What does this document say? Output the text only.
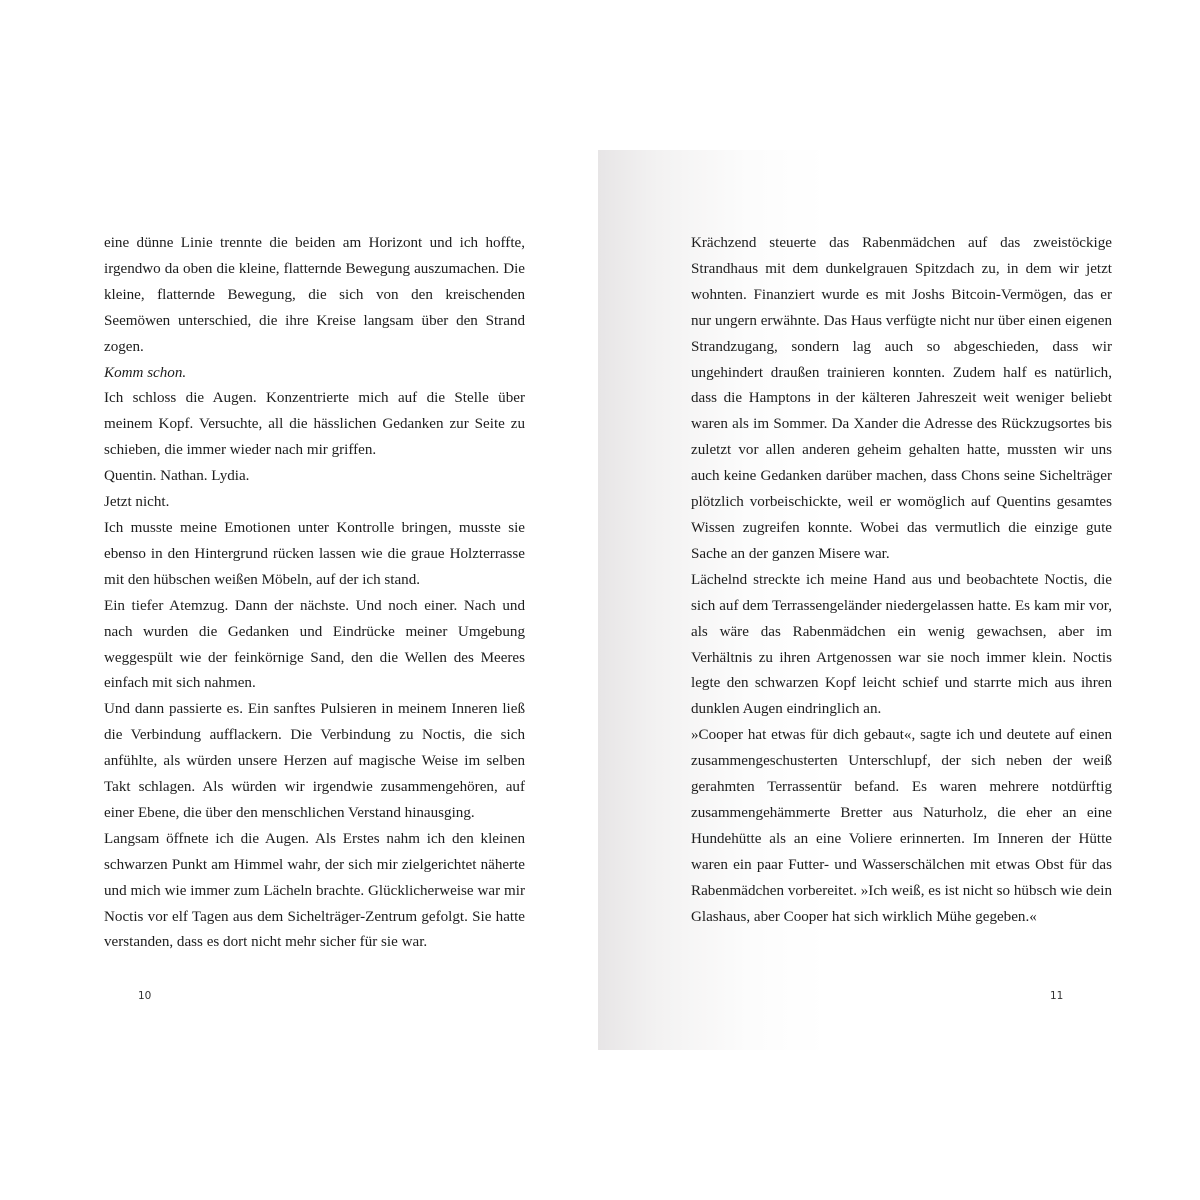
eine dünne Linie trennte die beiden am Horizont und ich hoffte, irgendwo da oben die kleine, flatternde Bewegung auszumachen. Die kleine, flatternde Bewegung, die sich von den kreischenden Seemöwen unterschied, die ihre Kreise langsam über den Strand zogen.

Komm schon.

Ich schloss die Augen. Konzentrierte mich auf die Stelle über meinem Kopf. Versuchte, all die hässlichen Gedanken zur Seite zu schieben, die immer wieder nach mir griffen.

Quentin. Nathan. Lydia.

Jetzt nicht.

Ich musste meine Emotionen unter Kontrolle bringen, musste sie ebenso in den Hintergrund rücken lassen wie die graue Holzterrasse mit den hübschen weißen Möbeln, auf der ich stand.

Ein tiefer Atemzug. Dann der nächste. Und noch einer. Nach und nach wurden die Gedanken und Eindrücke meiner Umgebung weggespült wie der feinkörnige Sand, den die Wellen des Meeres einfach mit sich nahmen.

Und dann passierte es. Ein sanftes Pulsieren in meinem Inneren ließ die Verbindung aufflackern. Die Verbindung zu Noctis, die sich anfühlte, als würden unsere Herzen auf magische Weise im selben Takt schlagen. Als würden wir irgendwie zusammengehören, auf einer Ebene, die über den menschlichen Verstand hinausging.

Langsam öffnete ich die Augen. Als Erstes nahm ich den kleinen schwarzen Punkt am Himmel wahr, der sich mir zielgerichtet näherte und mich wie immer zum Lächeln brachte. Glücklicherweise war mir Noctis vor elf Tagen aus dem Sichelträger-Zentrum gefolgt. Sie hatte verstanden, dass es dort nicht mehr sicher für sie war.

10

Krächzend steuerte das Rabenmädchen auf das zweistöckige Strandhaus mit dem dunkelgrauen Spitzdach zu, in dem wir jetzt wohnten. Finanziert wurde es mit Joshs Bitcoin-Vermögen, das er nur ungern erwähnte. Das Haus verfügte nicht nur über einen eigenen Strandzugang, sondern lag auch so abgeschieden, dass wir ungehindert draußen trainieren konnten. Zudem half es natürlich, dass die Hamptons in der kälteren Jahreszeit weit weniger beliebt waren als im Sommer. Da Xander die Adresse des Rückzugsortes bis zuletzt vor allen anderen geheim gehalten hatte, mussten wir uns auch keine Gedanken darüber machen, dass Chons seine Sichelträger plötzlich vorbeischickte, weil er womöglich auf Quentins gesamtes Wissen zugreifen konnte. Wobei das vermutlich die einzige gute Sache an der ganzen Misere war.

Lächelnd streckte ich meine Hand aus und beobachtete Noctis, die sich auf dem Terrassengeländer niedergelassen hatte. Es kam mir vor, als wäre das Rabenmädchen ein wenig gewachsen, aber im Verhältnis zu ihren Artgenossen war sie noch immer klein. Noctis legte den schwarzen Kopf leicht schief und starrte mich aus ihren dunklen Augen eindringlich an.

»Cooper hat etwas für dich gebaut«, sagte ich und deutete auf einen zusammengeschusterten Unterschlupf, der sich neben der weiß gerahmten Terrassentür befand. Es waren mehrere notdürftig zusammengehämmerte Bretter aus Naturholz, die eher an eine Hundehütte als an eine Voliere erinnerten. Im Inneren der Hütte waren ein paar Futter- und Wasserschälchen mit etwas Obst für das Rabenmädchen vorbereitet. »Ich weiß, es ist nicht so hübsch wie dein Glashaus, aber Cooper hat sich wirklich Mühe gegeben.«

11
